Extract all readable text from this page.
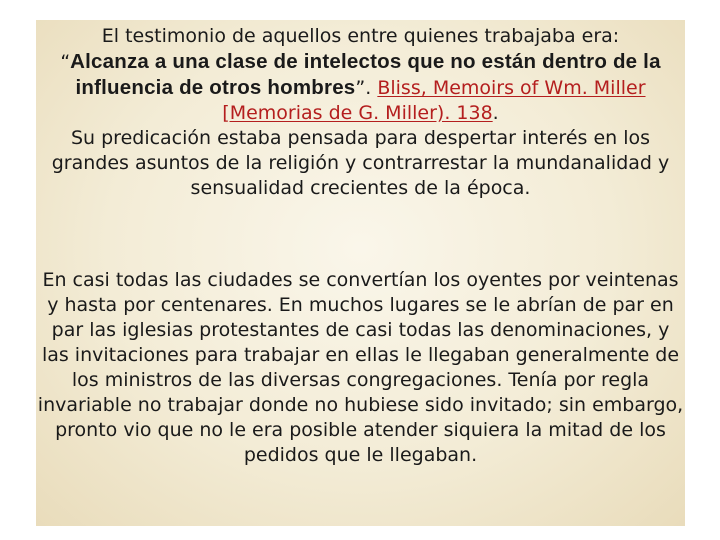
El testimonio de aquellos entre quienes trabajaba era:
“Alcanza a una clase de intelectos que no están dentro de la influencia de otros hombres”. Bliss, Memoirs of Wm. Miller [Memorias de G. Miller). 138.
Su predicación estaba pensada para despertar interés en los grandes asuntos de la religión y contrarrestar la mundanalidad y sensualidad crecientes de la época.
En casi todas las ciudades se convertían los oyentes por veintenas y hasta por centenares. En muchos lugares se le abrían de par en par las iglesias protestantes de casi todas las denominaciones, y las invitaciones para trabajar en ellas le llegaban generalmente de los ministros de las diversas congregaciones. Tenía por regla invariable no trabajar donde no hubiese sido invitado; sin embargo, pronto vio que no le era posible atender siquiera la mitad de los pedidos que le llegaban.
